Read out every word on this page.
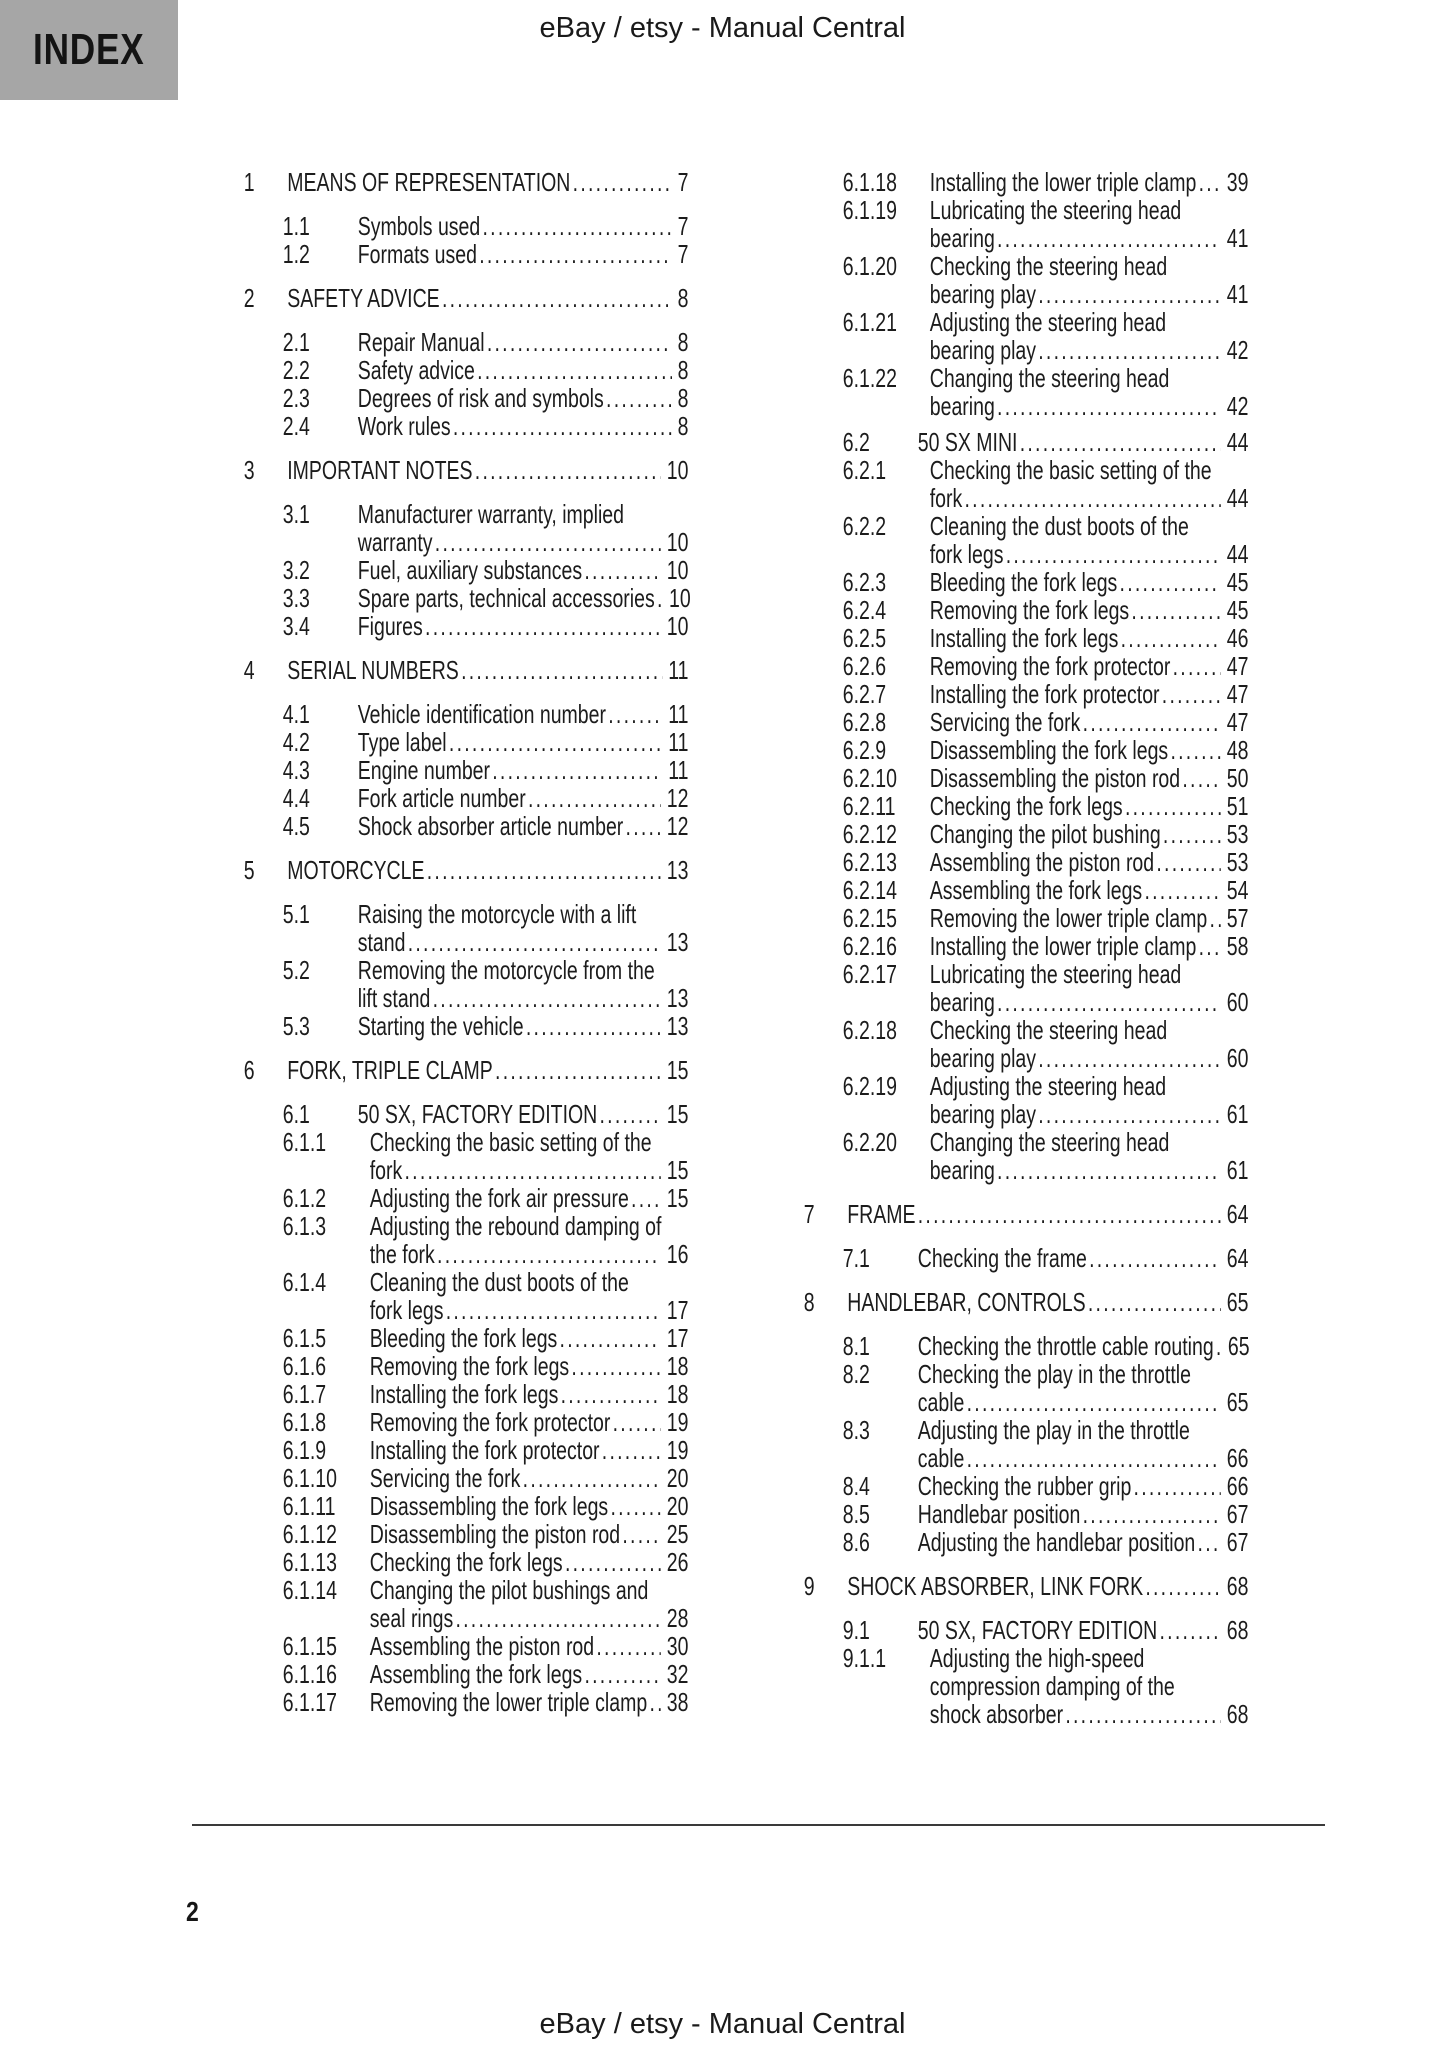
INDEX	eBay / etsy - Manual Central
1	MEANS OF REPRESENTATION .....	7
1.1	Symbols used .....	7
1.2	Formats used .....	7
2	SAFETY ADVICE .....	8
2.1	Repair Manual .....	8
2.2	Safety advice .....	8
2.3	Degrees of risk and symbols .....	8
2.4	Work rules .....	8
3	IMPORTANT NOTES .....	10
3.1	Manufacturer warranty, implied
warranty .....	10
3.2	Fuel, auxiliary substances .....	10
3.3	Spare parts, technical accessories ..... 10
3.4	Figures .....	10
4	SERIAL NUMBERS .....	11
4.1	Vehicle identification number ..... 11
4.2	Type label .....	11
4.3	Engine number .....	11
4.4	Fork article number .....	12
4.5	Shock absorber article number ..... 12
5	MOTORCYCLE .....	13
5.1	Raising the motorcycle with a lift
stand .....	13
5.2	Removing the motorcycle from the
lift stand .....	13
5.3	Starting the vehicle .....	13
6	FORK, TRIPLE CLAMP .....	15
6.1	50 SX, FACTORY EDITION .....	15
6.1.1	Checking the basic setting of the
fork .....	15
6.1.2	Adjusting the fork air pressure ..... 15
6.1.3	Adjusting the rebound damping of
the fork .....	16
6.1.4	Cleaning the dust boots of the
fork legs .....	17
6.1.5	Bleeding the fork legs .....	17
6.1.6	Removing the fork legs .....	18
6.1.7	Installing the fork legs .....	18
6.1.8	Removing the fork protector ..... 19
6.1.9	Installing the fork protector .....	19
6.1.10	Servicing the fork .....	20
6.1.11	Disassembling the fork legs ..... 20
6.1.12	Disassembling the piston rod ..... 25
6.1.13	Checking the fork legs .....	26
6.1.14	Changing the pilot bushings and
seal rings .....	28
6.1.15	Assembling the piston rod .....	30
6.1.16	Assembling the fork legs .....	32
6.1.17	Removing the lower triple clamp ..... 38
6.1.18	Installing the lower triple clamp ..... 39
6.1.19	Lubricating the steering head
bearing .....	41
6.1.20	Checking the steering head
bearing play .....	41
6.1.21	Adjusting the steering head
bearing play .....	42
6.1.22	Changing the steering head
bearing .....	42
6.2	50 SX MINI .....	44
6.2.1	Checking the basic setting of the
fork .....	44
6.2.2	Cleaning the dust boots of the
fork legs .....	44
6.2.3	Bleeding the fork legs .....	45
6.2.4	Removing the fork legs .....	45
6.2.5	Installing the fork legs .....	46
6.2.6	Removing the fork protector ..... 47
6.2.7	Installing the fork protector .....	47
6.2.8	Servicing the fork .....	47
6.2.9	Disassembling the fork legs ..... 48
6.2.10	Disassembling the piston rod ..... 50
6.2.11	Checking the fork legs .....	51
6.2.12	Changing the pilot bushing .....	53
6.2.13	Assembling the piston rod .....	53
6.2.14	Assembling the fork legs .....	54
6.2.15	Removing the lower triple clamp ..... 57
6.2.16	Installing the lower triple clamp ..... 58
6.2.17	Lubricating the steering head
bearing .....	60
6.2.18	Checking the steering head
bearing play .....	60
6.2.19	Adjusting the steering head
bearing play .....	61
6.2.20	Changing the steering head
bearing .....	61
7	FRAME .....	64
7.1	Checking the frame .....	64
8	HANDLEBAR, CONTROLS .....	65
8.1	Checking the throttle cable routing ..... 65
8.2	Checking the play in the throttle
cable .....	65
8.3	Adjusting the play in the throttle
cable .....	66
8.4	Checking the rubber grip .....	66
8.5	Handlebar position .....	67
8.6	Adjusting the handlebar position ..... 67
9	SHOCK ABSORBER, LINK FORK .....	68
9.1	50 SX, FACTORY EDITION .....	68
9.1.1	Adjusting the high-speed
compression damping of the
shock absorber .....	68
2
eBay / etsy - Manual Central
